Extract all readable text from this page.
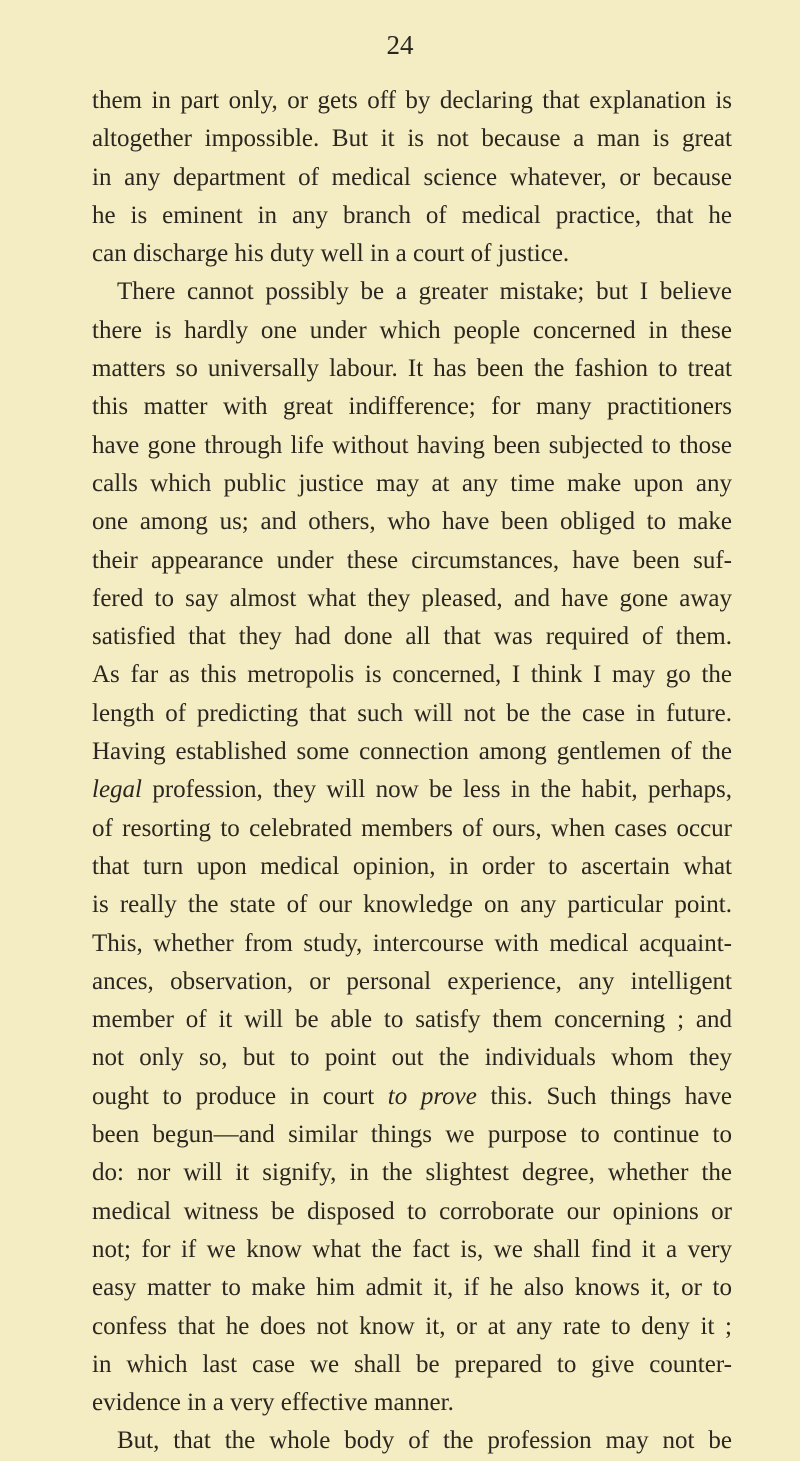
24
them in part only, or gets off by declaring that explanation is
altogether impossible. But it is not because a man is great
in any department of medical science whatever, or because
he is eminent in any branch of medical practice, that he
can discharge his duty well in a court of justice.
There cannot possibly be a greater mistake; but I believe
there is hardly one under which people concerned in these
matters so universally labour. It has been the fashion to treat
this matter with great indifference; for many practitioners
have gone through life without having been subjected to those
calls which public justice may at any time make upon any
one among us; and others, who have been obliged to make
their appearance under these circumstances, have been suf-
fered to say almost what they pleased, and have gone away
satisfied that they had done all that was required of them.
As far as this metropolis is concerned, I think I may go the
length of predicting that such will not be the case in future.
Having established some connection among gentlemen of the
legal profession, they will now be less in the habit, perhaps,
of resorting to celebrated members of ours, when cases occur
that turn upon medical opinion, in order to ascertain what
is really the state of our knowledge on any particular point.
This, whether from study, intercourse with medical acquaint-
ances, observation, or personal experience, any intelligent
member of it will be able to satisfy them concerning ; and
not only so, but to point out the individuals whom they
ought to produce in court to prove this. Such things have
been begun—and similar things we purpose to continue to
do: nor will it signify, in the slightest degree, whether the
medical witness be disposed to corroborate our opinions or
not; for if we know what the fact is, we shall find it a very
easy matter to make him admit it, if he also knows it, or to
confess that he does not know it, or at any rate to deny it ;
in which last case we shall be prepared to give counter-
evidence in a very effective manner.
But, that the whole body of the profession may not be
